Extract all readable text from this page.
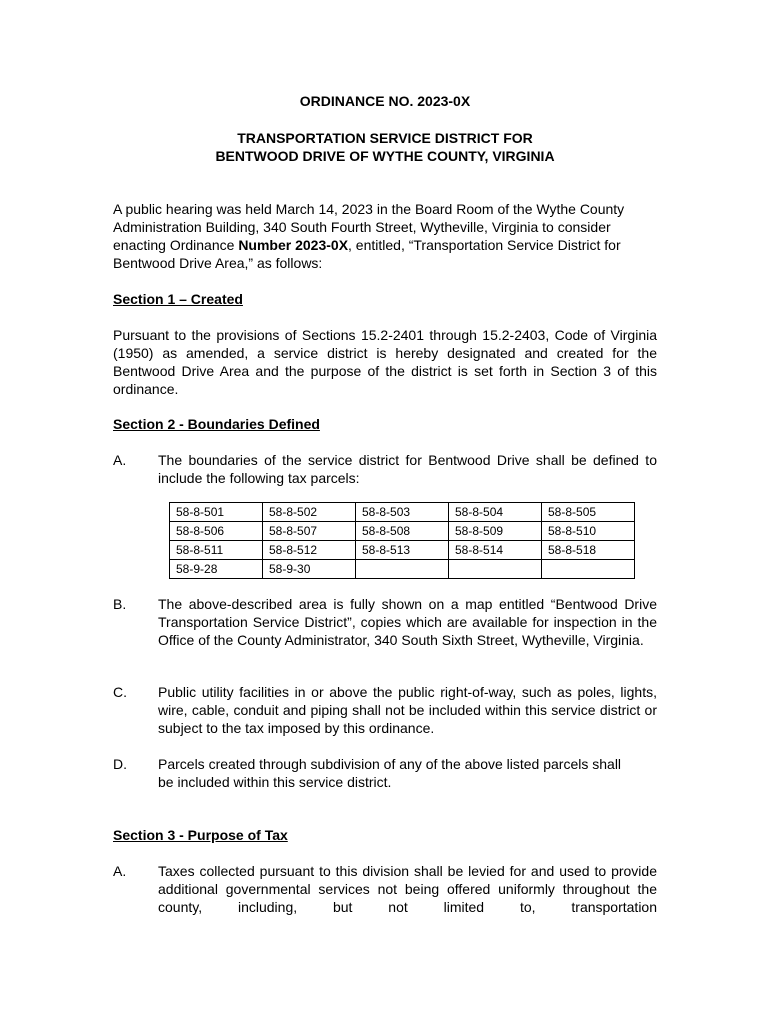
ORDINANCE NO. 2023-0X
TRANSPORTATION SERVICE DISTRICT FOR
BENTWOOD DRIVE OF WYTHE COUNTY, VIRGINIA

A public hearing was held March 14, 2023 in the Board Room of the Wythe County Administration Building, 340 South Fourth Street, Wytheville, Virginia to consider enacting Ordinance Number 2023-0X, entitled, “Transportation Service District for Bentwood Drive Area,” as follows:

Section 1 – Created

Pursuant to the provisions of Sections 15.2-2401 through 15.2-2403, Code of Virginia (1950) as amended, a service district is hereby designated and created for the Bentwood Drive Area and the purpose of the district is set forth in Section 3 of this ordinance.

Section 2 - Boundaries Defined
A. The boundaries of the service district for Bentwood Drive shall be defined to include the following tax parcels:

58-8-501	58-8-502	58-8-503	58-8-504	58-8-505
58-8-506	58-8-507	58-8-508	58-8-509	58-8-510
58-8-511	58-8-512	58-8-513	58-8-514	58-8-518
58-9-28	58-9-30			
B. The above-described area is fully shown on a map entitled “Bentwood Drive Transportation Service District”, copies which are available for inspection in the Office of the County Administrator, 340 South Sixth Street, Wytheville, Virginia.

C. Public utility facilities in or above the public right-of-way, such as poles, lights, wire, cable, conduit and piping shall not be included within this service district or subject to the tax imposed by this ordinance.

D. Parcels created through subdivision of any of the above listed parcels shall be included within this service district.

Section 3 - Purpose of Tax
A. Taxes collected pursuant to this division shall be levied for and used to provide additional governmental services not being offered uniformly throughout the county, including, but not limited to, transportation
